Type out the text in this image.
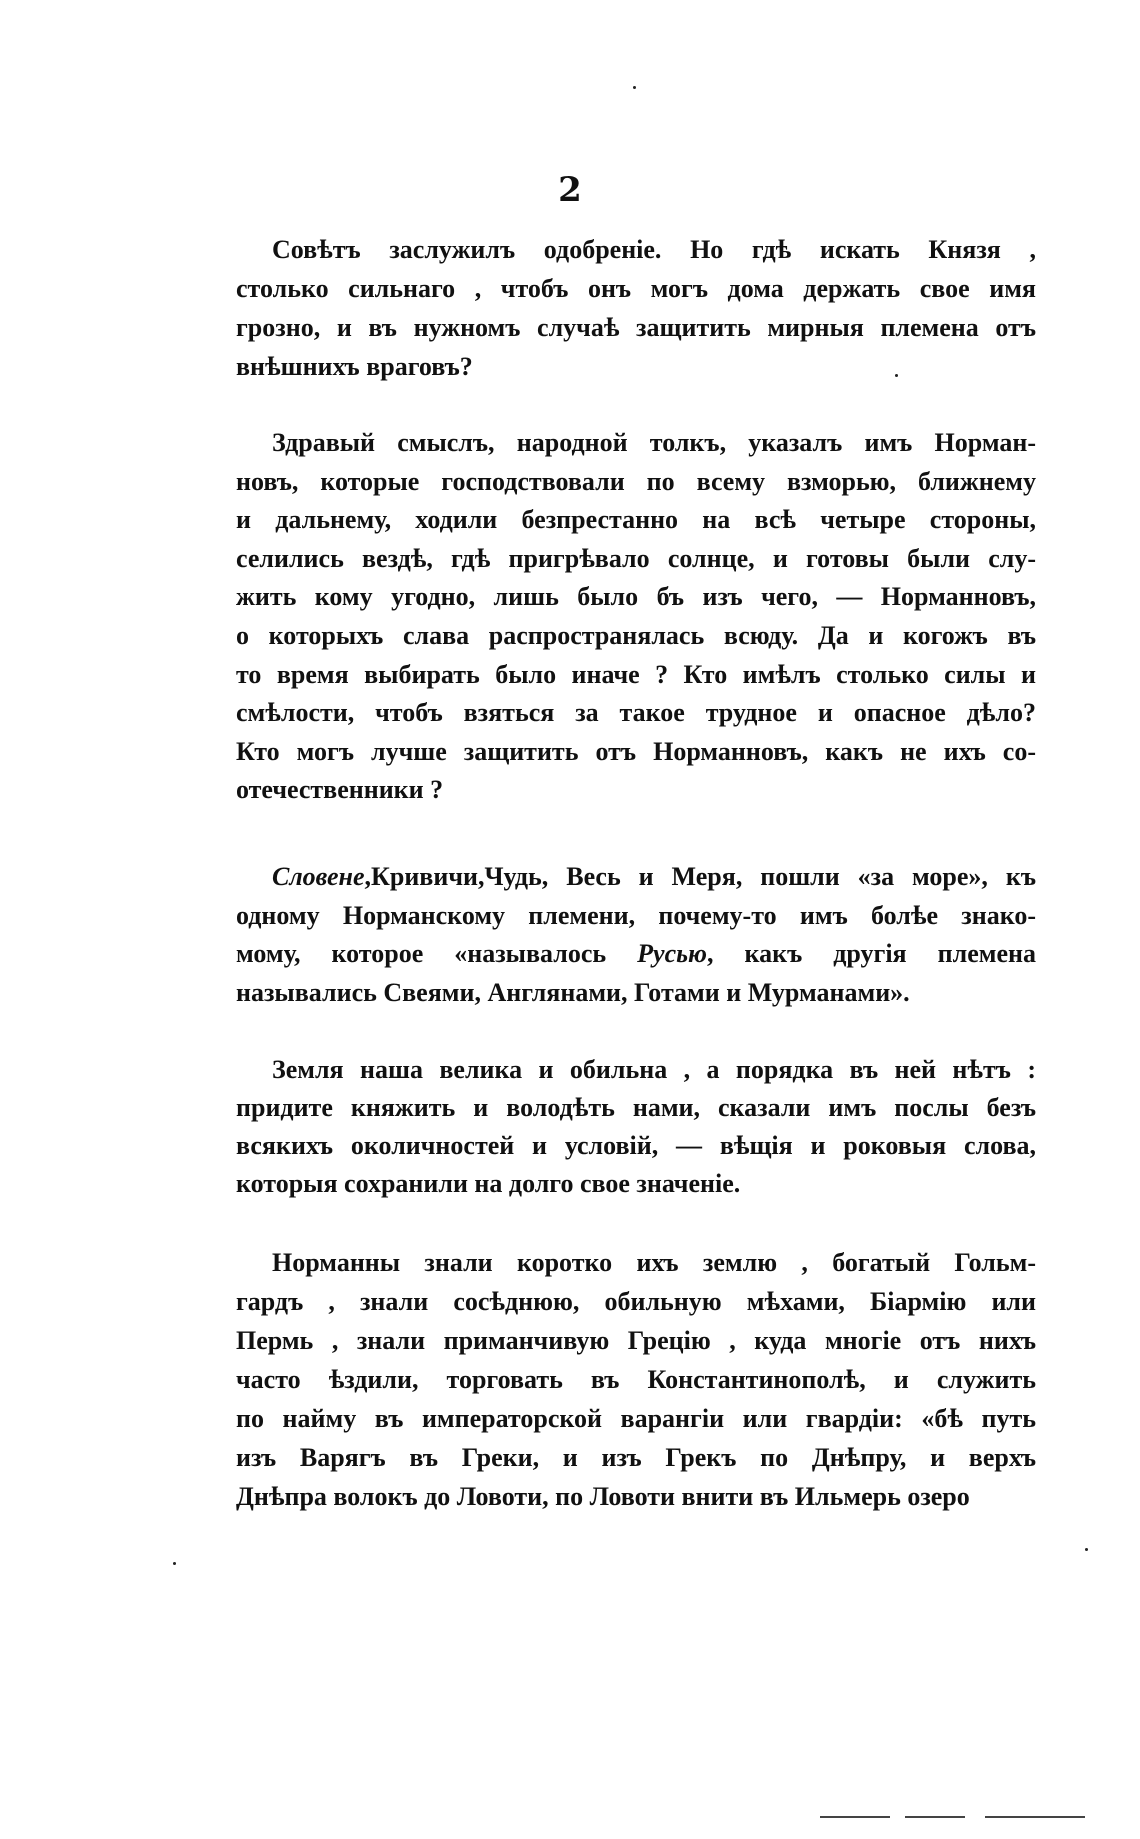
2
Совѣтъ заслужилъ одобреніе. Но гдѣ искать Князя ,
столько сильнаго , чтобъ онъ могъ дома держать свое имя
грозно, и въ нужномъ случаѣ защитить мирныя племена отъ
внѣшнихъ враговъ?
Здравый смыслъ, народной толкъ, указалъ имъ Норман-
новъ, которые господствовали по всему взморью, ближнему
и дальнему, ходили безпрестанно на всѣ четыре стороны,
селились вездѣ, гдѣ пригрѣвало солнце, и готовы были слу-
жить кому угодно, лишь было бъ изъ чего, — Норманновъ,
о которыхъ слава распространялась всюду. Да и когожъ въ
то время выбирать было иначе ? Кто имѣлъ столько силы и
смѣлости, чтобъ взяться за такое трудное и опасное дѣло?
Кто могъ лучше защитить отъ Норманновъ, какъ не ихъ со-
отечественники ?
Словене,Кривичи,Чудь, Весь и Меря, пошли «за море», къ
одному Норманскому племени, почему-то имъ болѣе знако-
мому, которое «называлось Русью, какъ другія племена
назывались Свеями, Англянами, Готами и Мурманами».
Земля наша велика и обильна , а порядка въ ней нѣтъ :
придите княжить и володѣть нами, сказали имъ послы безъ
всякихъ околичностей и условій, — вѣщія и роковыя слова,
которыя сохранили на долго свое значеніе.
Норманны знали коротко ихъ землю , богатый Гольм-
гардъ , знали сосѣднюю, обильную мѣхами, Біармію или
Пермь , знали приманчивую Грецію , куда многіе отъ нихъ
часто ѣздили, торговать въ Константинополѣ, и служить
по найму въ императорской варангіи или гвардіи: «бѣ путь
изъ Варягъ въ Греки, и изъ Грекъ по Днѣпру, и верхъ
Днѣпра волокъ до Ловоти, по Ловоти внити въ Ильмерь озеро
